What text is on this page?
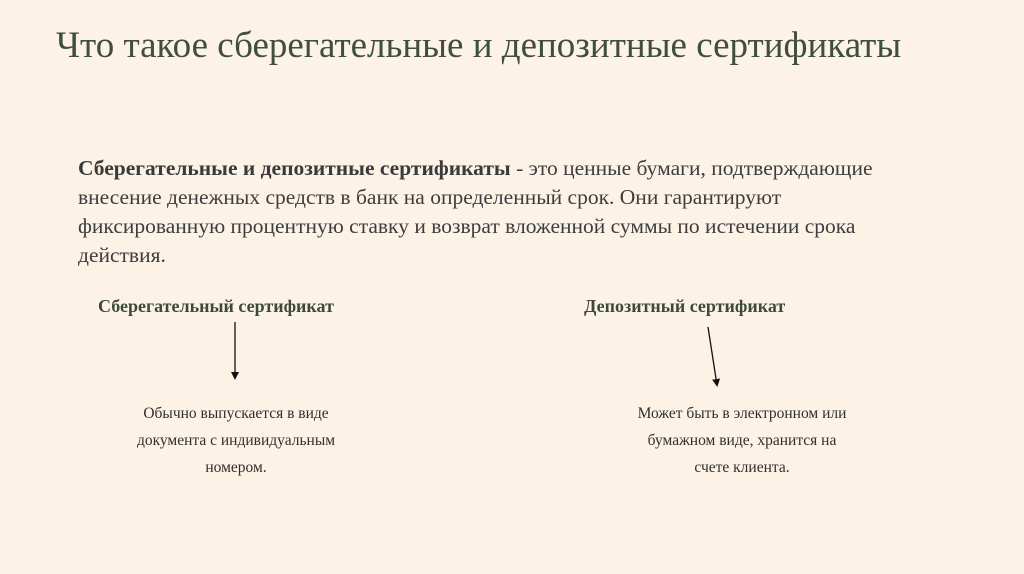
Что такое сберегательные и депозитные сертификаты
Сберегательные и депозитные сертификаты - это ценные бумаги, подтверждающие внесение денежных средств в банк на определенный срок. Они гарантируют фиксированную процентную ставку и возврат вложенной суммы по истечении срока действия.
Сберегательный сертификат	Депозитный сертификат
Обычно выпускается в виде документа с индивидуальным номером.
Может быть в электронном или бумажном виде, хранится на счете клиента.
